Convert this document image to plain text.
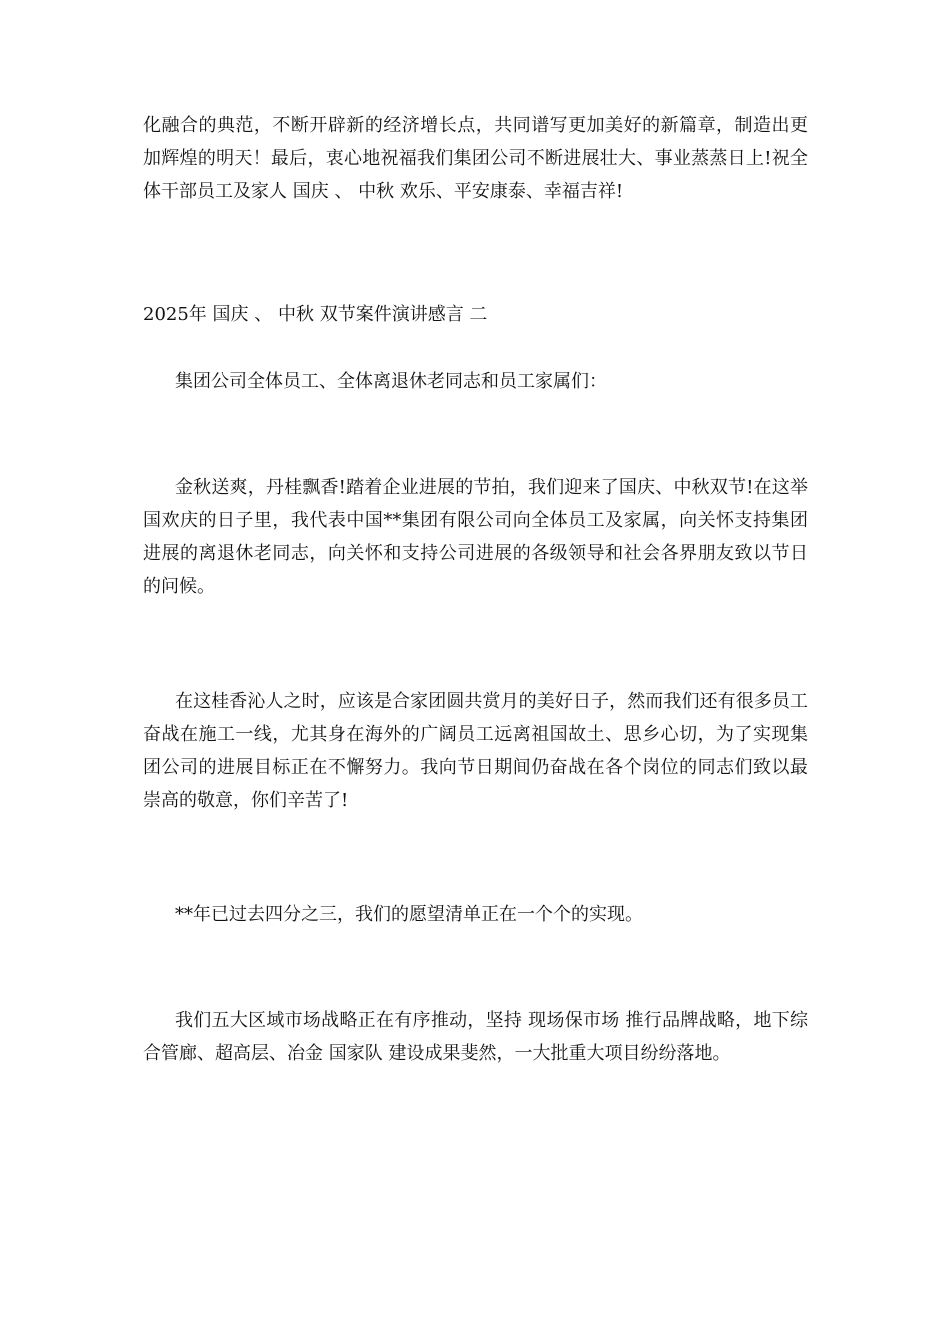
化融合的典范，不断开辟新的经济增长点，共同谱写更加美好的新篇章，制造出更加辉煌的明天！最后，衷心地祝福我们集团公司不断进展壮大、事业蒸蒸日上!祝全体干部员工及家人 国庆 、 中秋 欢乐、平安康泰、幸福吉祥!

2025年 国庆 、 中秋 双节案件演讲感言 二

集团公司全体员工、全体离退休老同志和员工家属们：

金秋送爽，丹桂飘香!踏着企业进展的节拍，我们迎来了国庆、中秋双节!在这举国欢庆的日子里，我代表中国**集团有限公司向全体员工及家属，向关怀支持集团进展的离退休老同志，向关怀和支持公司进展的各级领导和社会各界朋友致以节日的问候。

在这桂香沁人之时，应该是合家团圆共赏月的美好日子，然而我们还有很多员工奋战在施工一线，尤其身在海外的广阔员工远离祖国故土、思乡心切，为了实现集团公司的进展目标正在不懈努力。我向节日期间仍奋战在各个岗位的同志们致以最崇高的敬意，你们辛苦了!

**年已过去四分之三，我们的愿望清单正在一个个的实现。

我们五大区域市场战略正在有序推动，坚持 现场保市场 推行品牌战略，地下综合管廊、超高层、冶金 国家队 建设成果斐然，一大批重大项目纷纷落地。
